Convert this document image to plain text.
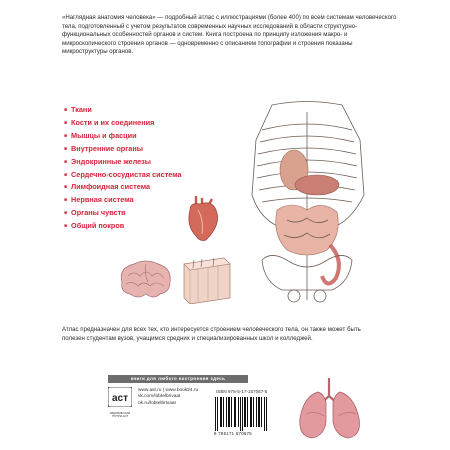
«Наглядная анатомия человека» — подробный атлас с иллюстрациями (более 400) по всем системам человеческого тела, подготовленный с учетом результатов современных научных исследований в области структурно-функциональных особенностей органов и систем. Книга построена по принципу изложения макро- и микроскопического строения органов — одновременно с описанием топографии и строения показаны микроструктуры органов.

■ Ткани
■ Кости и их соединения
■ Мышцы и фасции
■ Внутренние органы
■ Эндокринные железы
■ Сердечно-сосудистая система
■ Лимфоидная система
■ Нервная система
■ Органы чувств
■ Общий покров

Атлас предназначен для всех тех, кто интересуется строением человеческого тела, он также может быть полезен студентам вузов, учащимся средних и специализированных школ и колледжей.

книги для любого настроения здесь
аст
ИЗДАТЕЛЬСКАЯ ГРУППА АСТ
www.ast.ru | www.book24.ru
vk.com/lobtelbrivaat
ok.ru/lobtelbrivaat
ISBN 978-5-17-157067-5
9 785171 570675
